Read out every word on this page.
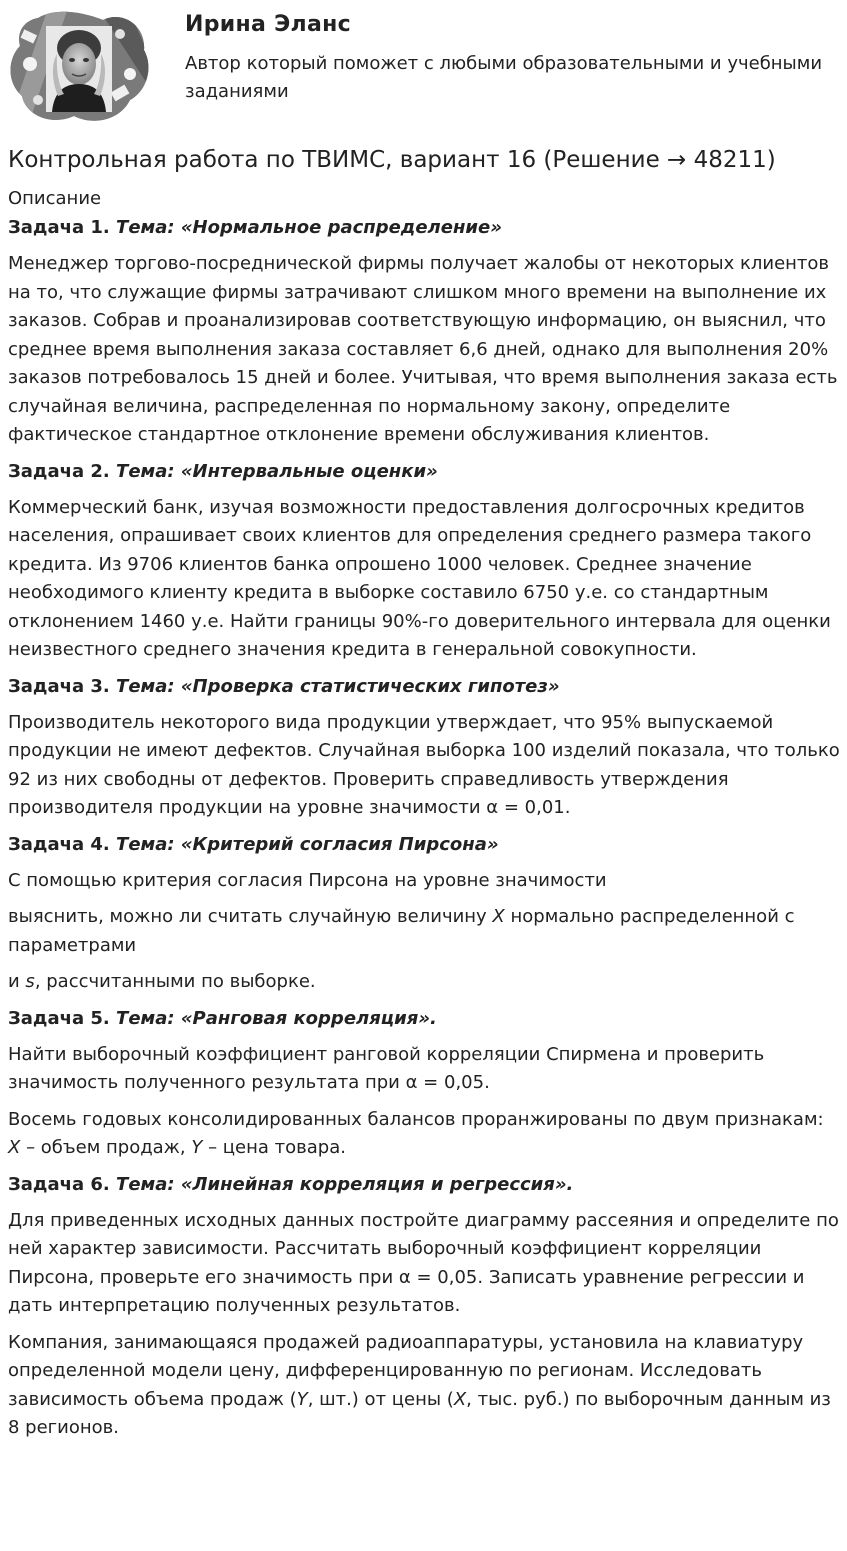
Ирина Эланс
Автор который поможет с любыми образовательными и учебными заданиями
Контрольная работа по ТВИМС, вариант 16 (Решение → 48211)
Описание
Задача 1. Тема: «Нормальное распределение»
Менеджер торгово-посреднической фирмы получает жалобы от некоторых клиентов на то, что служащие фирмы затрачивают слишком много времени на выполнение их заказов. Собрав и проанализировав соответствующую информацию, он выяснил, что среднее время выполнения заказа составляет 6,6 дней, однако для выполнения 20% заказов потребовалось 15 дней и более. Учитывая, что время выполнения заказа есть случайная величина, распределенная по нормальному закону, определите фактическое стандартное отклонение времени обслуживания клиентов.
Задача 2. Тема: «Интервальные оценки»
Коммерческий банк, изучая возможности предоставления долгосрочных кредитов населения, опрашивает своих клиентов для определения среднего размера такого кредита. Из 9706 клиентов банка опрошено 1000 человек. Среднее значение необходимого клиенту кредита в выборке составило 6750 у.е. со стандартным отклонением 1460 у.е. Найти границы 90%-го доверительного интервала для оценки неизвестного среднего значения кредита в генеральной совокупности.
Задача 3. Тема: «Проверка статистических гипотез»
Производитель некоторого вида продукции утверждает, что 95% выпускаемой продукции не имеют дефектов. Случайная выборка 100 изделий показала, что только 92 из них свободны от дефектов. Проверить справедливость утверждения производителя продукции на уровне значимости α = 0,01.
Задача 4. Тема: «Критерий согласия Пирсона»
С помощью критерия согласия Пирсона на уровне значимости
выяснить, можно ли считать случайную величину X нормально распределенной с параметрами
и s, рассчитанными по выборке.
Задача 5. Тема: «Ранговая корреляция».
Найти выборочный коэффициент ранговой корреляции Спирмена и проверить значимость полученного результата при α = 0,05.
Восемь годовых консолидированных балансов проранжированы по двум признакам: X – объем продаж, Y – цена товара.
Задача 6. Тема: «Линейная корреляция и регрессия».
Для приведенных исходных данных постройте диаграмму рассеяния и определите по ней характер зависимости. Рассчитать выборочный коэффициент корреляции Пирсона, проверьте его значимость при α = 0,05. Записать уравнение регрессии и дать интерпретацию полученных результатов.
Компания, занимающаяся продажей радиоаппаратуры, установила на клавиатуру определенной модели цену, дифференцированную по регионам. Исследовать зависимость объема продаж (Y, шт.) от цены (X, тыс. руб.) по выборочным данным из 8 регионов.
